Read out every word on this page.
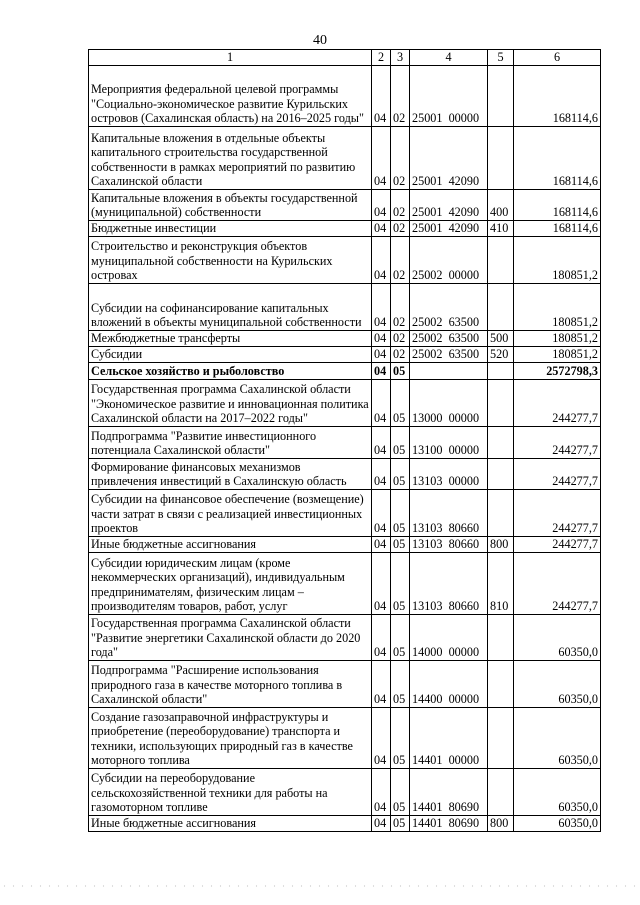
40
1	2	3	4	5	6
Мероприятия федеральной целевой программы "Социально-экономическое развитие Курильских островов (Сахалинская область) на 2016–2025 годы"	04	02	25001  00000		168114,6
Капитальные вложения в отдельные объекты капитального строительства государственной собственности в рамках мероприятий по развитию Сахалинской области	04	02	25001  42090		168114,6
Капитальные вложения в объекты государственной (муниципальной) собственности	04	02	25001  42090	400	168114,6
Бюджетные инвестиции	04	02	25001  42090	410	168114,6
Строительство и реконструкция объектов муниципальной собственности на Курильских островах	04	02	25002  00000		180851,2
Субсидии на софинансирование капитальных вложений в объекты муниципальной собственности	04	02	25002  63500		180851,2
Межбюджетные трансферты	04	02	25002  63500	500	180851,2
Субсидии	04	02	25002  63500	520	180851,2
Сельское хозяйство и рыболовство	04	05			2572798,3
Государственная программа Сахалинской области "Экономическое развитие и инновационная политика Сахалинской области на 2017–2022 годы"	04	05	13000  00000		244277,7
Подпрограмма "Развитие инвестиционного потенциала Сахалинской области"	04	05	13100  00000		244277,7
Формирование финансовых механизмов привлечения инвестиций в Сахалинскую область	04	05	13103  00000		244277,7
Субсидии на финансовое обеспечение (возмещение) части затрат в связи с реализацией инвестиционных проектов	04	05	13103  80660		244277,7
Иные бюджетные ассигнования	04	05	13103  80660	800	244277,7
Субсидии юридическим лицам (кроме некоммерческих организаций), индивидуальным предпринимателям, физическим лицам – производителям товаров, работ, услуг	04	05	13103  80660	810	244277,7
Государственная программа Сахалинской области "Развитие энергетики Сахалинской области до 2020 года"	04	05	14000  00000		60350,0
Подпрограмма "Расширение использования природного газа в качестве моторного топлива в Сахалинской области"	04	05	14400  00000		60350,0
Создание газозаправочной инфраструктуры и приобретение (переоборудование) транспорта и техники, использующих природный газ в качестве моторного топлива	04	05	14401  00000		60350,0
Субсидии на переоборудование сельскохозяйственной техники для работы на газомоторном топливе	04	05	14401  80690		60350,0
Иные бюджетные ассигнования	04	05	14401  80690	800	60350,0
